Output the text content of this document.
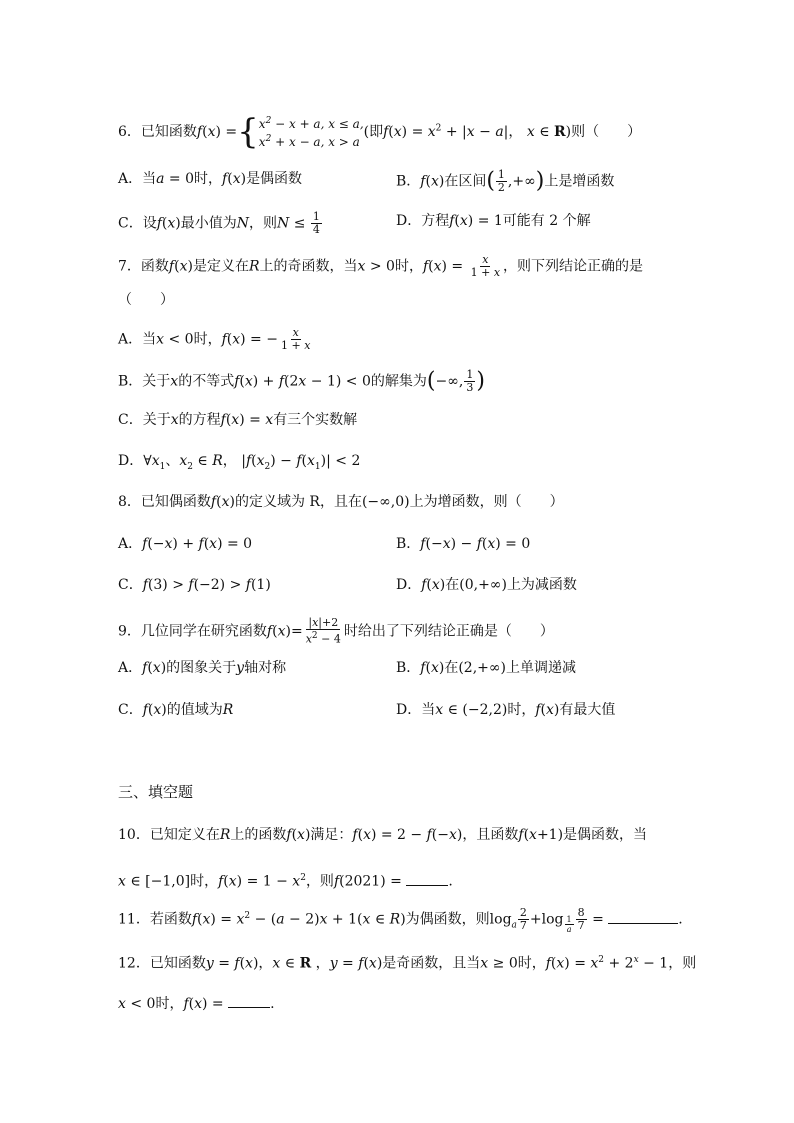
6．已知函数f(x) ={ $x^2 - x + a$, x ≤ a,
$x^2 + x - a$, x > a
(即$f(x) = x^2 + |x - a|$， x ∈ R)则（　　）
A．当a = 0时，f(x)是偶函数	B．f(x)在区间( $\frac{1}{2}$ ,+∞)上是增函数
C．设f(x)最小值为N，则$N \le \frac{1}{4}$	D．方程f(x) = 1可能有 2 个解
7．函数f(x)是定义在R上的奇函数，当x > 0时，$f(x) = \frac{x}{1 + x}$ ，则下列结论正确的是
（　　）
A．当x < 0时，f(x) = − $\frac{x}{1 + x}$
B．关于x的不等式f(x) + f(2x − 1) < 0的解集为(−∞, $\frac{1}{3}$ )
C．关于x的方程f(x) = x有三个实数解
D．$\forall x_1$、$x_2$ ∈ R， $|f(x_2) - f(x_1)| < 2$
8．已知偶函数f(x)的定义域为 R，且在(−∞,0)上为增函数，则（　　）
A．f(−x) + f(x) = 0	B．f(−x) − f(x) = 0
C．f(3) > f(−2) > f(1)	D．f(x)在(0,+∞)上为减函数
9．几位同学在研究函数$f(x)= \frac{|x|+2}{x^2 - 4}$ 时给出了下列结论正确是（　　）
A．f(x)的图象关于y轴对称	B．f(x)在(2,+∞)上单调递减
C．f(x)的值域为R	D．当x ∈ (−2,2)时，f(x)有最大值
三、填空题
10．已知定义在R上的函数f(x)满足：f(x) = 2 − f(−x)，且函数f(x+1)是偶函数，当
x ∈ [−1,0]时，$f(x) = 1 - x^2$，则f(2021) =	.
11．若函数$f(x) = x^2 - (a - 2)x + 1(x$ ∈ R)为偶函数，则$\log_a \frac{2}{7} +\log$ $_{\frac{1}{a}} \frac{8}{7}$ =	.
12．已知函数y = f(x)，x ∈ R ，y = f(x)是奇函数，且当x ≥ 0时，$f(x) = x^2 + 2^x - 1$，则
x < 0时，f(x) =	.
